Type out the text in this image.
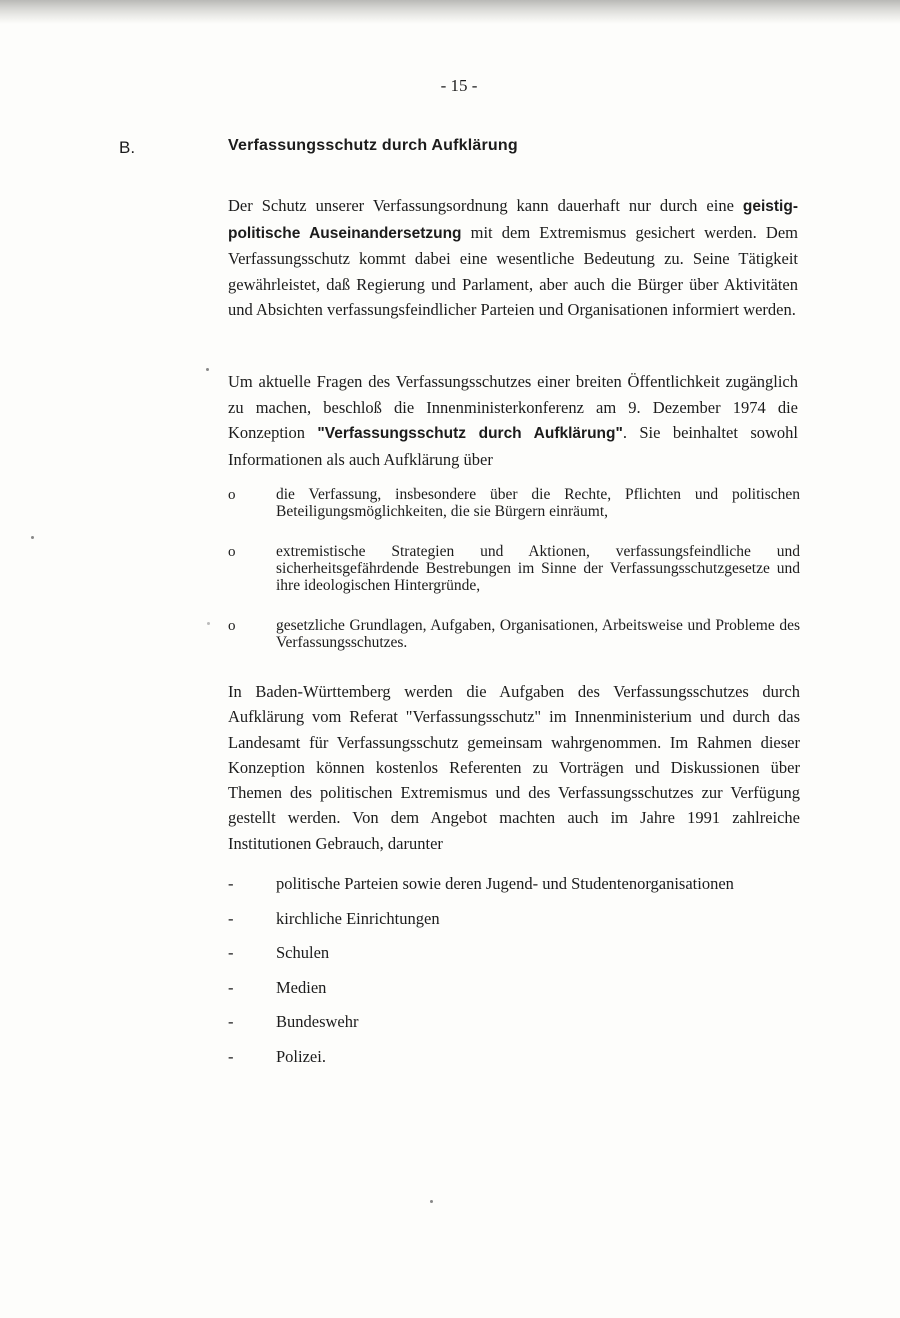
- 15 -
B.	Verfassungsschutz durch Aufklärung

Der Schutz unserer Verfassungsordnung kann dauerhaft nur durch eine geistig-politische Auseinandersetzung mit dem Extremismus gesichert werden. Dem Verfassungsschutz kommt dabei eine wesentliche Bedeutung zu. Seine Tätigkeit gewährleistet, daß Regierung und Parlament, aber auch die Bürger über Aktivitäten und Absichten verfassungsfeindlicher Parteien und Organisationen informiert werden.

Um aktuelle Fragen des Verfassungsschutzes einer breiten Öffentlichkeit zugänglich zu machen, beschloß die Innenministerkonferenz am 9. Dezember 1974 die Konzeption "Verfassungsschutz durch Aufklärung". Sie beinhaltet sowohl Informationen als auch Aufklärung über

o	die Verfassung, insbesondere über die Rechte, Pflichten und politischen Beteiligungsmöglichkeiten, die sie Bürgern einräumt,
o	extremistische Strategien und Aktionen, verfassungsfeindliche und sicherheitsgefährdende Bestrebungen im Sinne der Verfassungsschutzgesetze und ihre ideologischen Hintergründe,
o	gesetzliche Grundlagen, Aufgaben, Organisationen, Arbeitsweise und Probleme des Verfassungsschutzes.

In Baden-Württemberg werden die Aufgaben des Verfassungsschutzes durch Aufklärung vom Referat "Verfassungsschutz" im Innenministerium und durch das Landesamt für Verfassungsschutz gemeinsam wahrgenommen. Im Rahmen dieser Konzeption können kostenlos Referenten zu Vorträgen und Diskussionen über Themen des politischen Extremismus und des Verfassungsschutzes zur Verfügung gestellt werden. Von dem Angebot machten auch im Jahre 1991 zahlreiche Institutionen Gebrauch, darunter

-	politische Parteien sowie deren Jugend- und Studentenorganisationen
-	kirchliche Einrichtungen
-	Schulen
-	Medien
-	Bundeswehr
-	Polizei.
